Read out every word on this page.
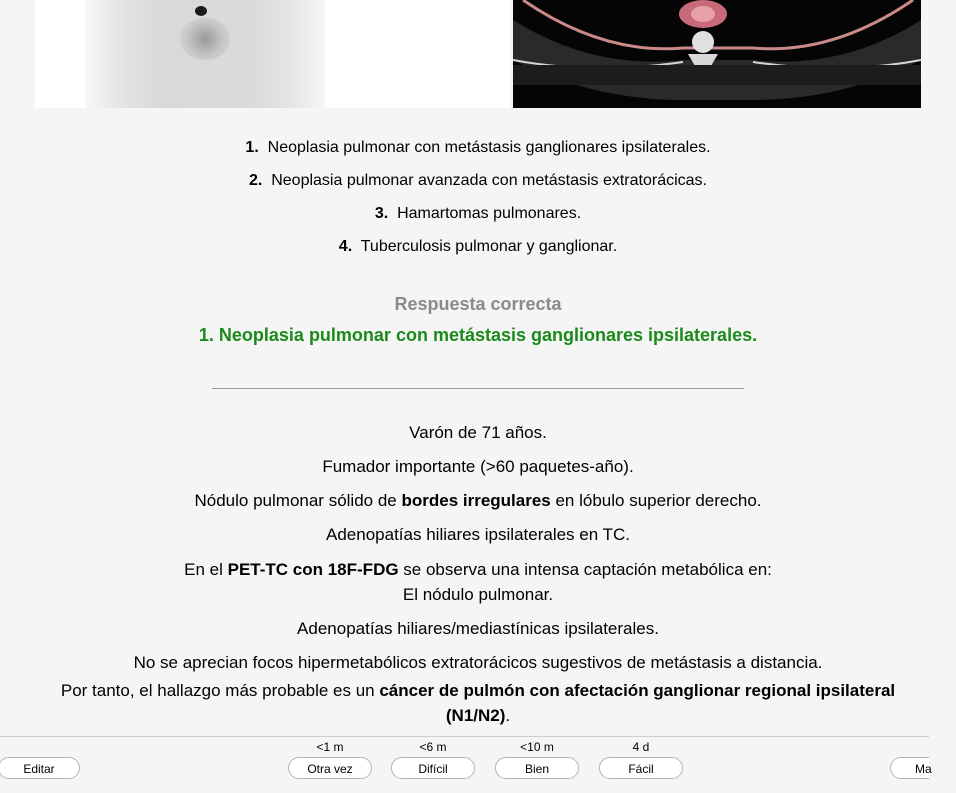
1. Neoplasia pulmonar con metástasis ganglionares ipsilaterales.
2. Neoplasia pulmonar avanzada con metástasis extratorácicas.
3. Hamartomas pulmonares.
4. Tuberculosis pulmonar y ganglionar.
Respuesta correcta
1. Neoplasia pulmonar con metástasis ganglionares ipsilaterales.
Varón de 71 años.
Fumador importante (>60 paquetes-año).
Nódulo pulmonar sólido de bordes irregulares en lóbulo superior derecho.
Adenopatías hiliares ipsilaterales en TC.
En el PET-TC con 18F-FDG se observa una intensa captación metabólica en:
El nódulo pulmonar.
Adenopatías hiliares/mediastínicas ipsilaterales.
No se aprecian focos hipermetabólicos extratorácicos sugestivos de metástasis a distancia.
Por tanto, el hallazgo más probable es un cáncer de pulmón con afectación ganglionar regional ipsilateral
(N1/N2).
Editar
<1 m
Otra vez
<6 m
Difícil
<10 m
Bien
4 d
Fácil	Ma
